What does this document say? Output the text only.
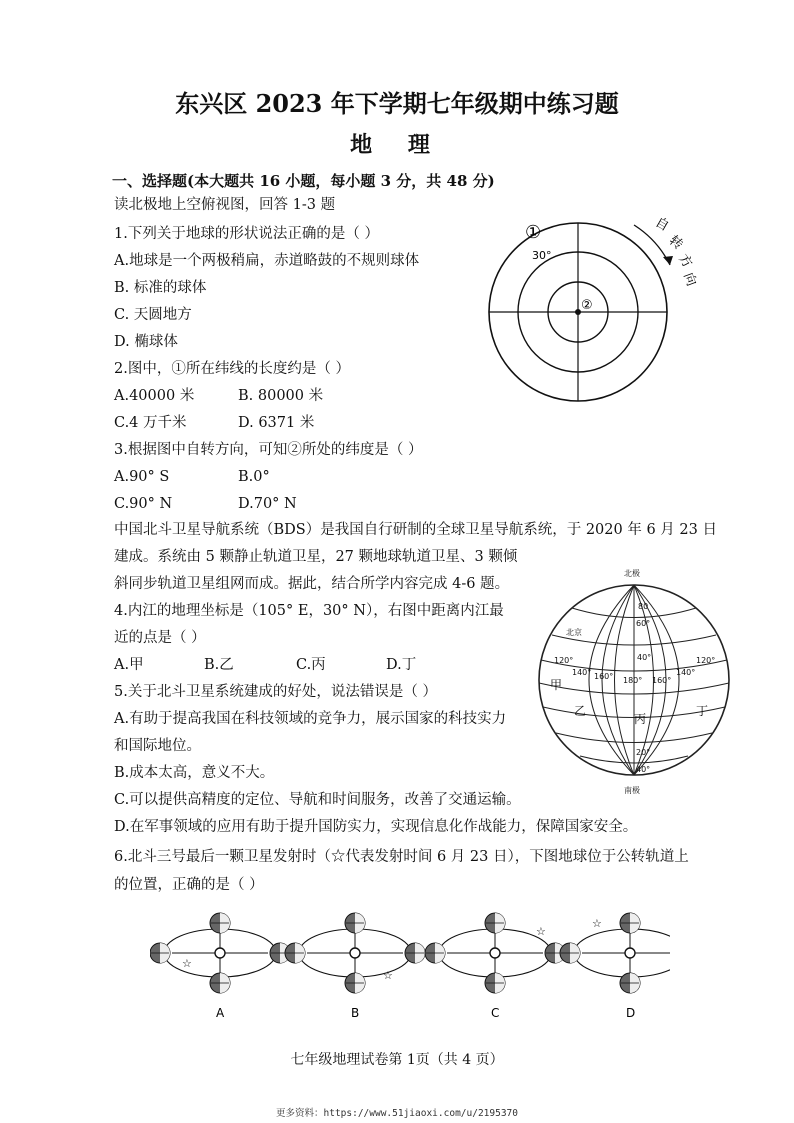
东兴区 2023 年下学期七年级期中练习题
地 理
一、选择题(本大题共 16 小题，每小题 3 分，共 48 分)
读北极地上空俯视图，回答 1-3 题
1.下列关于地球的形状说法正确的是（ ）
A.地球是一个两极稍扁，赤道略鼓的不规则球体
B. 标准的球体
C. 天圆地方
D. 椭球体
2.图中，①所在纬线的长度约是（ ）
A.40000 米	B. 80000 米
C.4 万千米	D. 6371 米
3.根据图中自转方向，可知②所处的纬度是（ ）
A.90° S	B.0°
C.90° N	D.70° N
中国北斗卫星导航系统（BDS）是我国自行研制的全球卫星导航系统，于 2020 年 6 月 23 日
建成。系统由 5 颗静止轨道卫星，27 颗地球轨道卫星、3 颗倾
斜同步轨道卫星组网而成。据此，结合所学内容完成 4-6 题。
4.内江的地理坐标是（105° E，30° N），右图中距离内江最
近的点是（ ）
A.甲	B.乙	C.丙	D.丁
5.关于北斗卫星系统建成的好处，说法错误是（ ）
A.有助于提高我国在科技领域的竞争力，展示国家的科技实力
和国际地位。
B.成本太高，意义不大。
C.可以提供高精度的定位、导航和时间服务，改善了交通运输。
D.在军事领域的应用有助于提升国防实力，实现信息化作战能力，保障国家安全。
6.北斗三号最后一颗卫星发射时（☆代表发射时间 6 月 23 日），下图地球位于公转轨道上
的位置，正确的是（ ）
①
②
30°
自
转
方
向
北极
南极
北京
80
60°
40°
20°
40°
120°
140° 160° 180° 160°
140°
120°
甲
乙
丙
丁
☆
A
☆
B
☆
C
☆
D
七年级地理试卷第 1页（共 4 页）
更多资料：https://www.51jiaoxi.com/u/2195370
